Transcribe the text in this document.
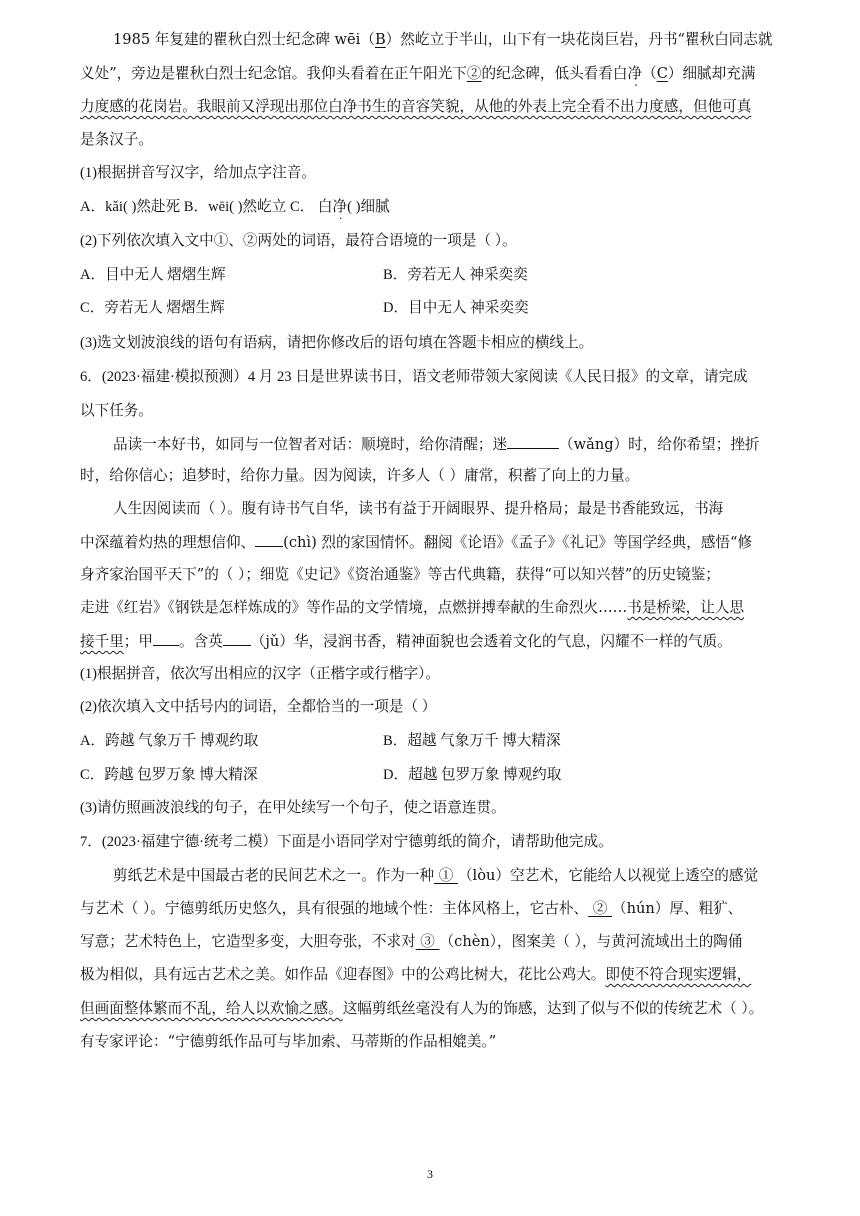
1985 年复建的瞿秋白烈士纪念碑 wēi（B）然屹立于半山，山下有一块花岗巨岩，丹书“瞿秋白同志就
义处”，旁边是瞿秋白烈士纪念馆。我仰头看着在正午阳光下②的纪念碑，低头看看白净（C）细腻却充满
力度感的花岗岩。我眼前又浮现出那位白净书生的音容笑貌，从他的外表上完全看不出力度感，但他可真
是条汉子。
(1)根据拼音写汉字，给加点字注音。
A．kǎi( )然赴死 B．wēi( )然屹立 C． 白净( )细腻
(2)下列依次填入文中①、②两处的词语，最符合语境的一项是（ ）。
A．目中无人 熠熠生辉	B．旁若无人 神采奕奕
C．旁若无人 熠熠生辉	D．目中无人 神采奕奕
(3)选文划波浪线的语句有语病，请把你修改后的语句填在答题卡相应的横线上。
6．(2023·福建·模拟预测）4 月 23 日是世界读书日，语文老师带领大家阅读《人民日报》的文章，请完成
以下任务。
品读一本好书，如同与一位智者对话：顺境时，给你清醒；迷	（wǎng）时，给你希望；挫折
时，给你信心；追梦时，给你力量。因为阅读，许多人（ ）庸常，积蓄了向上的力量。
人生因阅读而（ ）。腹有诗书气自华，读书有益于开阔眼界、提升格局；最是书香能致远，书海
中深蕴着灼热的理想信仰、 (chì) 烈的家国情怀。翻阅《论语》《孟子》《礼记》等国学经典，感悟“修
身齐家治国平天下”的（ ）；细览《史记》《资治通鉴》等古代典籍，获得“可以知兴替”的历史镜鉴；
走进《红岩》《钢铁是怎样炼成的》等作品的文学情境，点燃拼搏奉献的生命烈火……书是桥梁，让人思
接千里；甲 。含英 （jǔ）华，浸润书香，精神面貌也会透着文化的气息，闪耀不一样的气质。
(1)根据拼音，依次写出相应的汉字（正楷字或行楷字）。
(2)依次填入文中括号内的词语，全都恰当的一项是（ ）
A．跨越 气象万千 博观约取	B．超越 气象万千 博大精深
C．跨越 包罗万象 博大精深	D．超越 包罗万象 博观约取
(3)请仿照画波浪线的句子，在甲处续写一个句子，使之语意连贯。
7．(2023·福建宁德·统考二模）下面是小语同学对宁德剪纸的简介，请帮助他完成。
剪纸艺术是中国最古老的民间艺术之一。作为一种 ① （lòu）空艺术，它能给人以视觉上透空的感觉
与艺术（ ）。宁德剪纸历史悠久，具有很强的地域个性：主体风格上，它古朴、 ② （hún）厚、粗犷、
写意；艺术特色上，它造型多变，大胆夸张，不求对 ③ （chèn），图案美（ ），与黄河流域出土的陶俑
极为相似，具有远古艺术之美。如作品《迎春图》中的公鸡比树大，花比公鸡大。即使不符合现实逻辑，
但画面整体繁而不乱，给人以欢愉之感。这幅剪纸丝毫没有人为的饰感，达到了似与不似的传统艺术（ ）。
有专家评论：“宁德剪纸作品可与毕加索、马蒂斯的作品相媲美。”
3
